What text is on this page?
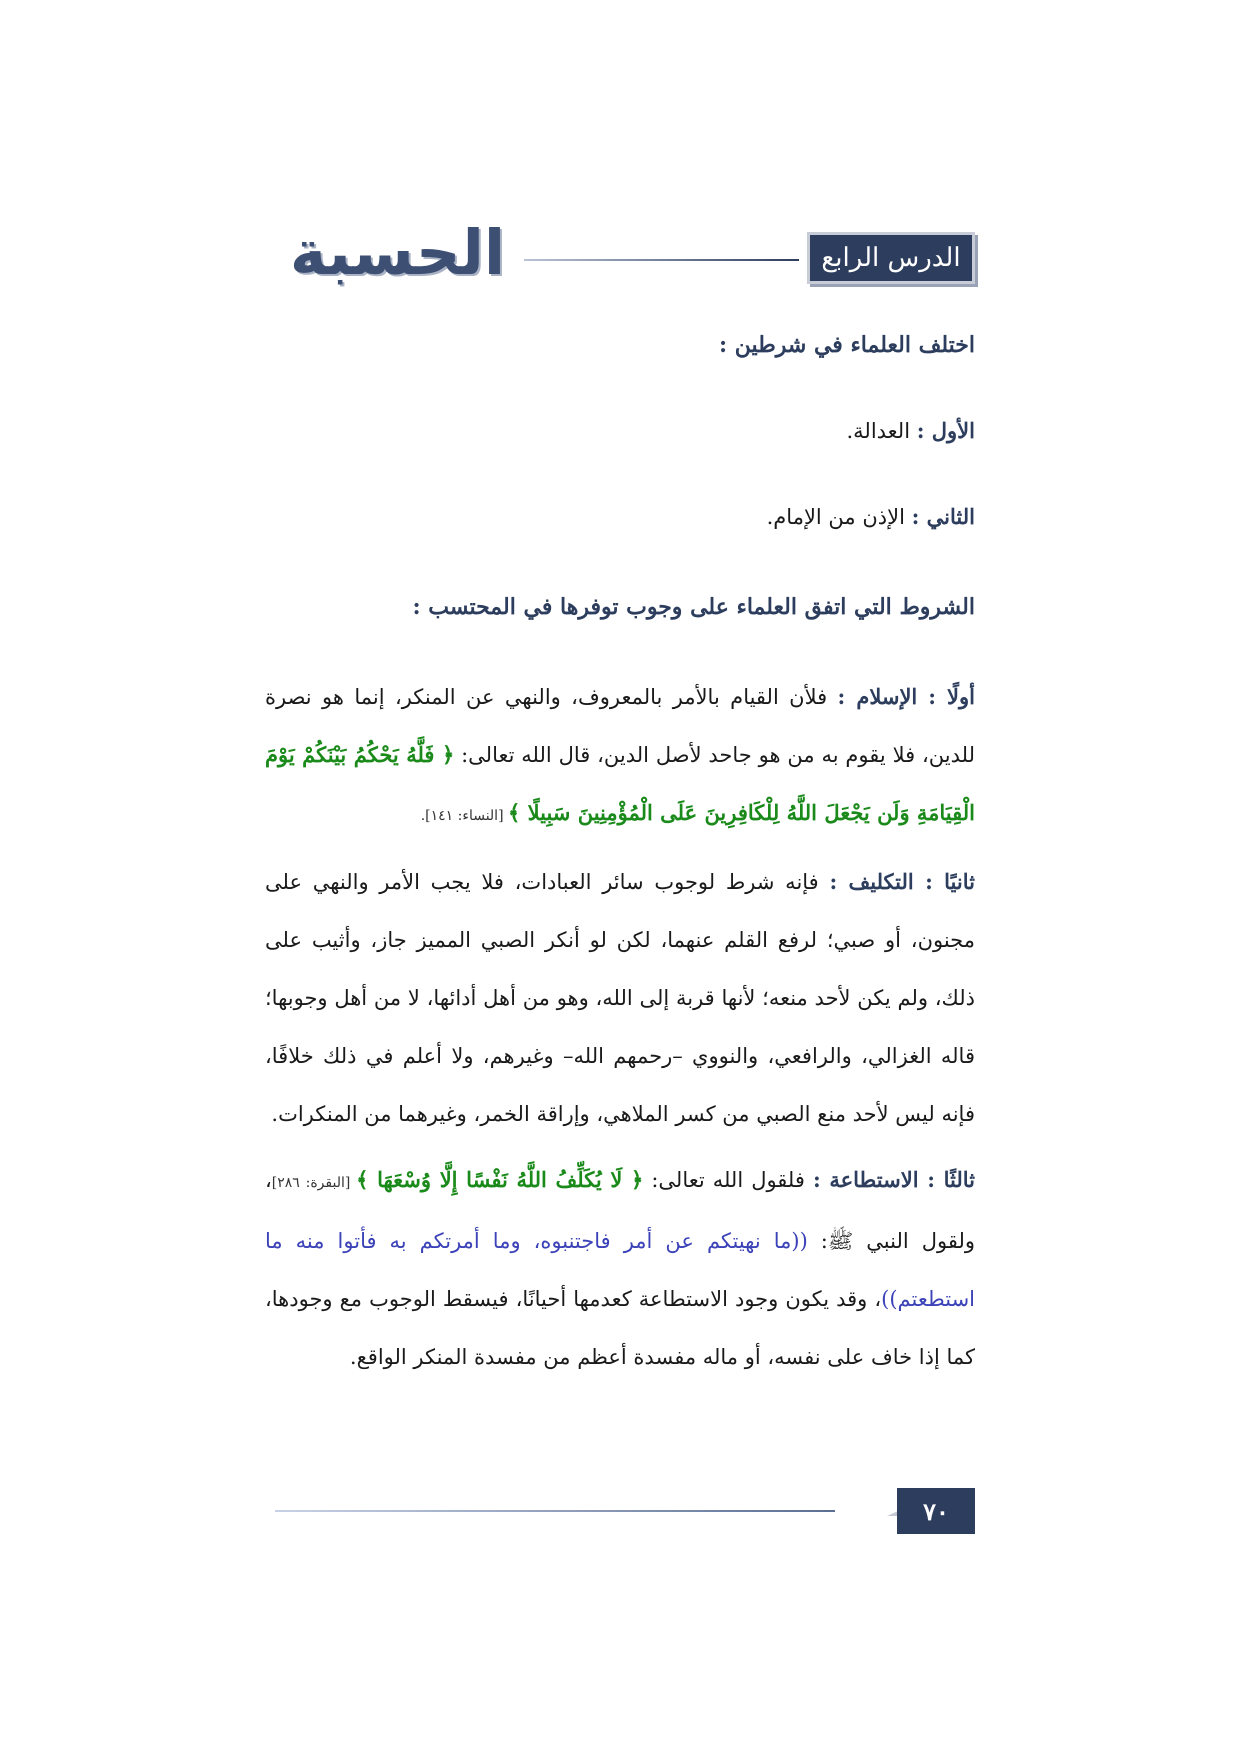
الحسبة	الدرس الرابع

اختلف العلماء في شرطين :

الأول : العدالة.

الثاني : الإذن من الإمام.

الشروط التي اتفق العلماء على وجوب توفرها في المحتسب :

أولًا : الإسلام : فلأن القيام بالأمر بالمعروف، والنهي عن المنكر، إنما هو نصرة للدين، فلا يقوم به من هو جاحد لأصل الدين، قال الله تعالى: ﴿ فَلَّهُ يَحْكُمُ بَيْنَكُمْ يَوْمَ الْقِيَامَةِ وَلَن يَجْعَلَ اللَّهُ لِلْكَافِرِينَ عَلَى الْمُؤْمِنِينَ سَبِيلًا ﴾ [النساء: ١٤١].

ثانيًا : التكليف : فإنه شرط لوجوب سائر العبادات، فلا يجب الأمر والنهي على مجنون، أو صبي؛ لرفع القلم عنهما، لكن لو أنكر الصبي المميز جاز، وأثيب على ذلك، ولم يكن لأحد منعه؛ لأنها قربة إلى الله، وهو من أهل أدائها، لا من أهل وجوبها؛ قاله الغزالي، والرافعي، والنووي –رحمهم الله– وغيرهم، ولا أعلم في ذلك خلافًا، فإنه ليس لأحد منع الصبي من كسر الملاهي، وإراقة الخمر، وغيرهما من المنكرات.

ثالثًا : الاستطاعة : فلقول الله تعالى: ﴿ لَا يُكَلِّفُ اللَّهُ نَفْسًا إِلَّا وُسْعَهَا ﴾ [البقرة: ٢٨٦]، ولقول النبي ﷺ: ((ما نهيتكم عن أمر فاجتنبوه، وما أمرتكم به فأتوا منه ما استطعتم))، وقد يكون وجود الاستطاعة كعدمها أحيانًا، فيسقط الوجوب مع وجودها، كما إذا خاف على نفسه، أو ماله مفسدة أعظم من مفسدة المنكر الواقع.

٧٠
